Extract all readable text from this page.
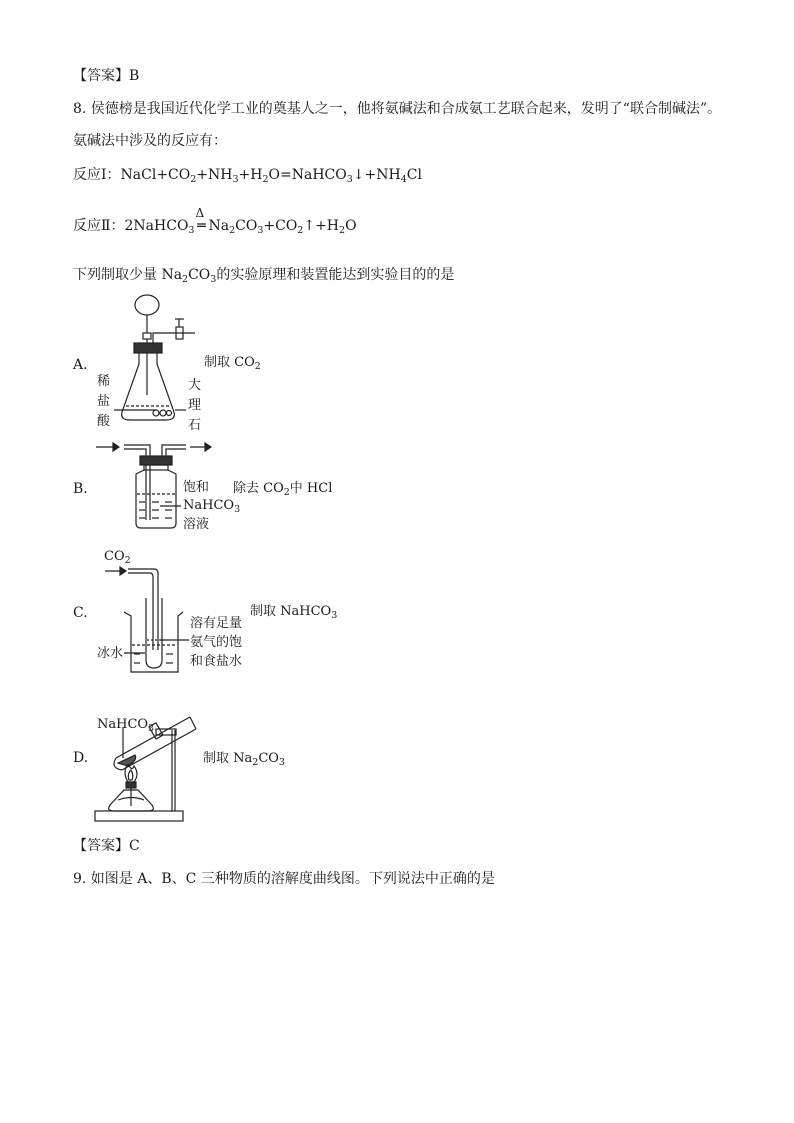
【答案】B
8. 侯德榜是我国近代化学工业的奠基人之一，他将氨碱法和合成氨工艺联合起来，发明了“联合制碱法”。
氨碱法中涉及的反应有：
反应Ⅰ：$NaCl+CO_2+NH_3+H_2O=NaHCO_3↓+NH_4Cl$
反应Ⅱ：2NaHCO$_3$
Δ
═ $Na_2CO_3+CO_2↑+H_2O$
下列制取少量 $Na_2CO_3$的实验原理和装置能达到实验目的的是
A.
稀
盐
酸
大
理
石
制取 $CO_2$
B.	饱和
NaHCO$_3$
溶液
除去 $CO_2$中 HCl
$CO_2$
C.
溶有足量
氨气的饱
和食盐水
冰水
制取 NaHCO$_3$
NaHCO$_3$
D.	制取 $Na_2CO_3$
【答案】C
9. 如图是 A、B、C 三种物质的溶解度曲线图。下列说法中正确的是
